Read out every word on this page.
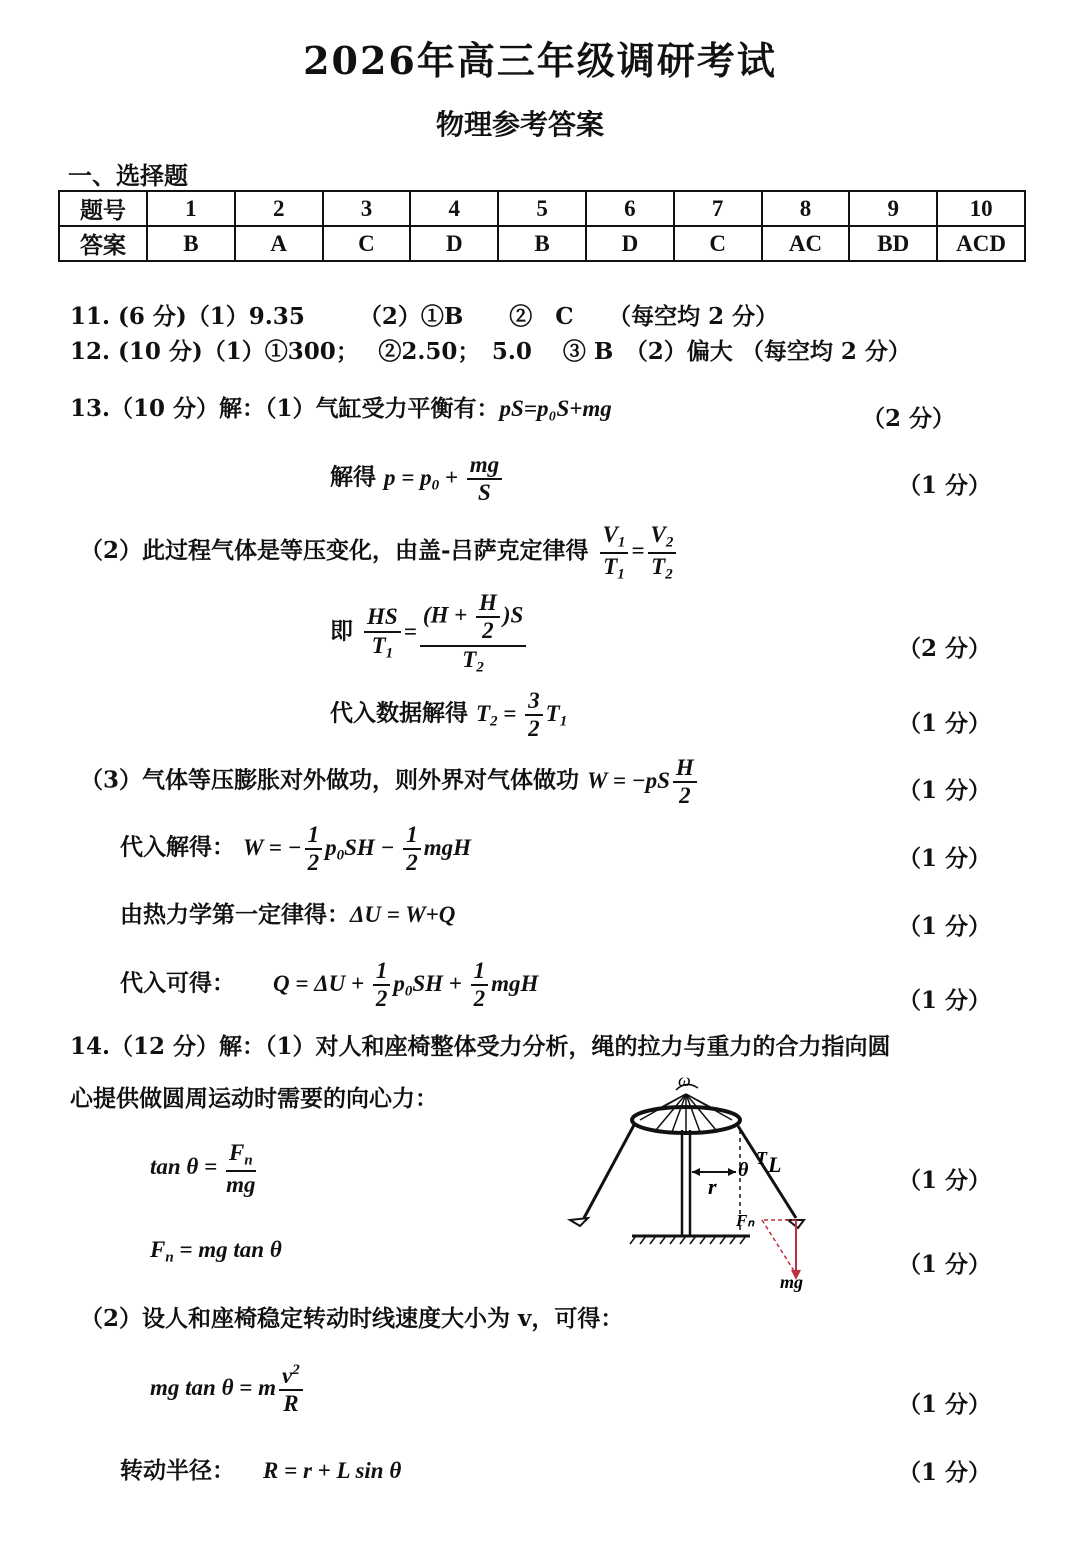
2026年高三年级调研考试
物理参考答案
一、选择题
题号	1	2	3	4	5	6	7	8	9	10
答案	B	A	C	D	B	D	C	AC	BD	ACD
11. (6 分)（1）9.35　　 （2）①B　　②　C　　（每空均 2 分）
12. (10 分)（1）①300；　 ②2.50；　5.0　 ③ B　（2）偏大 （每空均 2 分）
13.（10 分）解：（1）气缸受力平衡有：pS=p₀S+mg	（2 分）
解得 $p = p_0 + \frac{mg}{S}$	（1 分）
（2）此过程气体是等压变化，由盖-吕萨克定律得 $\frac{V_1}{T_1} = \frac{V_2}{T_2}$
即 $\frac{HS}{T_1} = \frac{(H + \frac{H}{2} )S}{T_2}$	（2 分）
代入数据解得 $T_2 = \frac{3}{2} T_1$	（1 分）
（3）气体等压膨胀对外做功，则外界对气体做功 $W = -pS \frac{H}{2}$	（1 分）
代入解得： W = − $\frac{1}{2} p_0SH - \frac{1}{2}$ mgH	（1 分）
由热力学第一定律得：ΔU = W+Q	（1 分）
代入可得： $Q = \Delta U + \frac{1}{2} p_0SH + \frac{1}{2}$ mgH
（1 分）
14.（12 分）解：（1）对人和座椅整体受力分析，绳的拉力与重力的合力指向圆
心提供做圆周运动时需要的向心力：
$\tan \theta = \frac{F_n}{mg}$	（1 分）
$F_n$ = mg tan θ
（1 分）
（2）设人和座椅稳定转动时线速度大小为 v，可得：
mg tan θ = m $\frac{v^2}{R}$	（1 分）
转动半径： R = r + L sin θ	（1 分）
ω
r
θ
T L
Fₙ
mg
